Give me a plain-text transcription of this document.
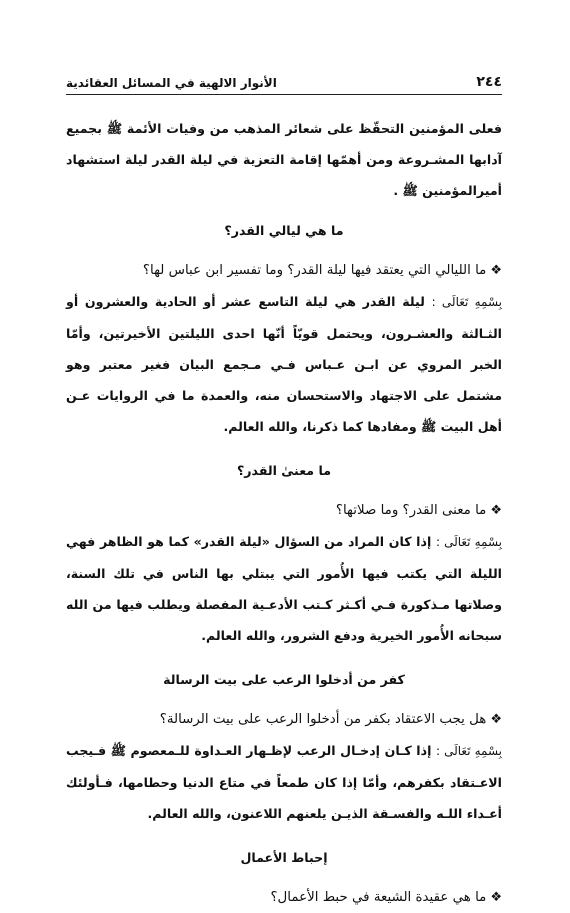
٢٤٤
الأنوار الالهية في المسائل العقائدية

فعلى المؤمنين التحقّظ على شعائر المذهب من وفيات الأئمة ﷺ بجميع آدابها المشـروعة ومن أهمّها إقامة التعزية في ليلة القدر ليلة استشهاد أميرالمؤمنين ﷺ .

ما هي ليالي القدر؟

❖ما الليالي التي يعتقد فيها ليلة القدر؟ وما تفسير ابن عباس لها؟

بِسْمِهِ تَعَالَى : ليلة القدر هي ليلة التاسع عشر أو الحادية والعشرون أو الثـالثة والعشـرون، ويحتمل قويّاً أنّها احدى الليلتين الأخيرتين، وأمّا الخبر المروي عن ابـن عـباس فـي مـجمع البيان فغير معتبر وهو مشتمل على الاجتهاد والاستحسان منه، والعمدة ما في الروايات عـن أهل البيت ﷺ ومفادها كما ذكرنا، والله العالم.

ما معنىٰ القدر؟

❖ما معنى القدر؟ وما صلاتها؟

بِسْمِهِ تَعَالَى : إذا كان المراد من السؤال «ليلة القدر» كما هو الظاهر فهي الليلة التي يكتب فيها الأُمور التي يبتلي بها الناس في تلك السنة، وصلاتها مـذكورة فـي أكـثر كـتب الأدعـية المفصلة ويطلب فيها من الله سبحانه الأُمور الخيرية ودفع الشرور، والله العالم.

كفر من أدخلوا الرعب على بيت الرسالة

❖هل يجب الاعتقاد بكفر من أدخلوا الرعب على بيت الرسالة؟

بِسْمِهِ تَعَالَى : إذا كـان إدخـال الرعب لإظـهار العـداوة للـمعصوم ﷺ فـيجب الاعـتقاد بكفرهم، وأمّا إذا كان طمعاً في متاع الدنيا وحطامها، فـأولئك أعـداء اللـه والفسـقة الذيـن يلعنهم اللاعنون، والله العالم.

إحباط الأعمال

❖ما هي عقيدة الشيعة في حبط الأعمال؟
